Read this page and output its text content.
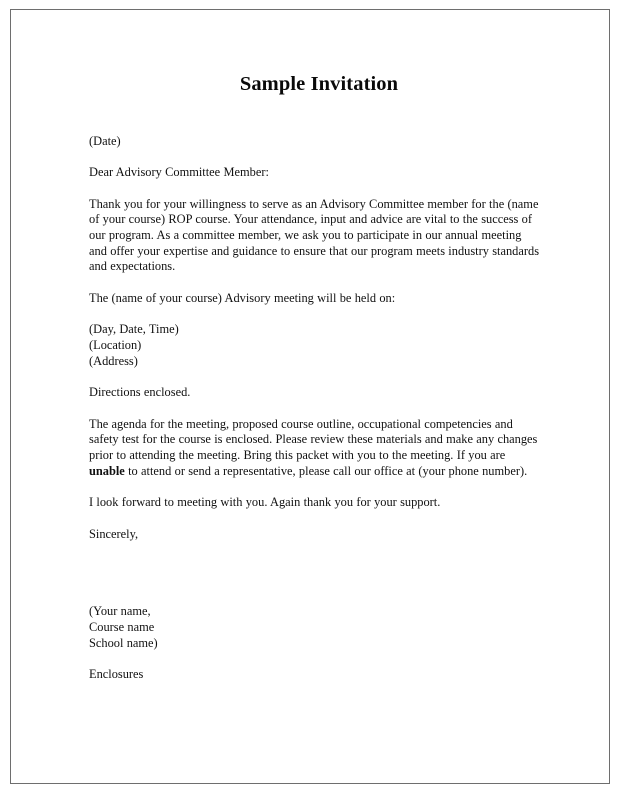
Sample Invitation

(Date)

Dear Advisory Committee Member:

Thank you for your willingness to serve as an Advisory Committee member for the (name of your course) ROP course. Your attendance, input and advice are vital to the success of our program. As a committee member, we ask you to participate in our annual meeting and offer your expertise and guidance to ensure that our program meets industry standards and expectations.

The (name of your course) Advisory meeting will be held on:

(Day, Date, Time)
(Location)
(Address)

Directions enclosed.

The agenda for the meeting, proposed course outline, occupational competencies and safety test for the course is enclosed. Please review these materials and make any changes prior to attending the meeting. Bring this packet with you to the meeting. If you are unable to attend or send a representative, please call our office at (your phone number).

I look forward to meeting with you. Again thank you for your support.

Sincerely,

(Your name,
Course name
School name)

Enclosures
